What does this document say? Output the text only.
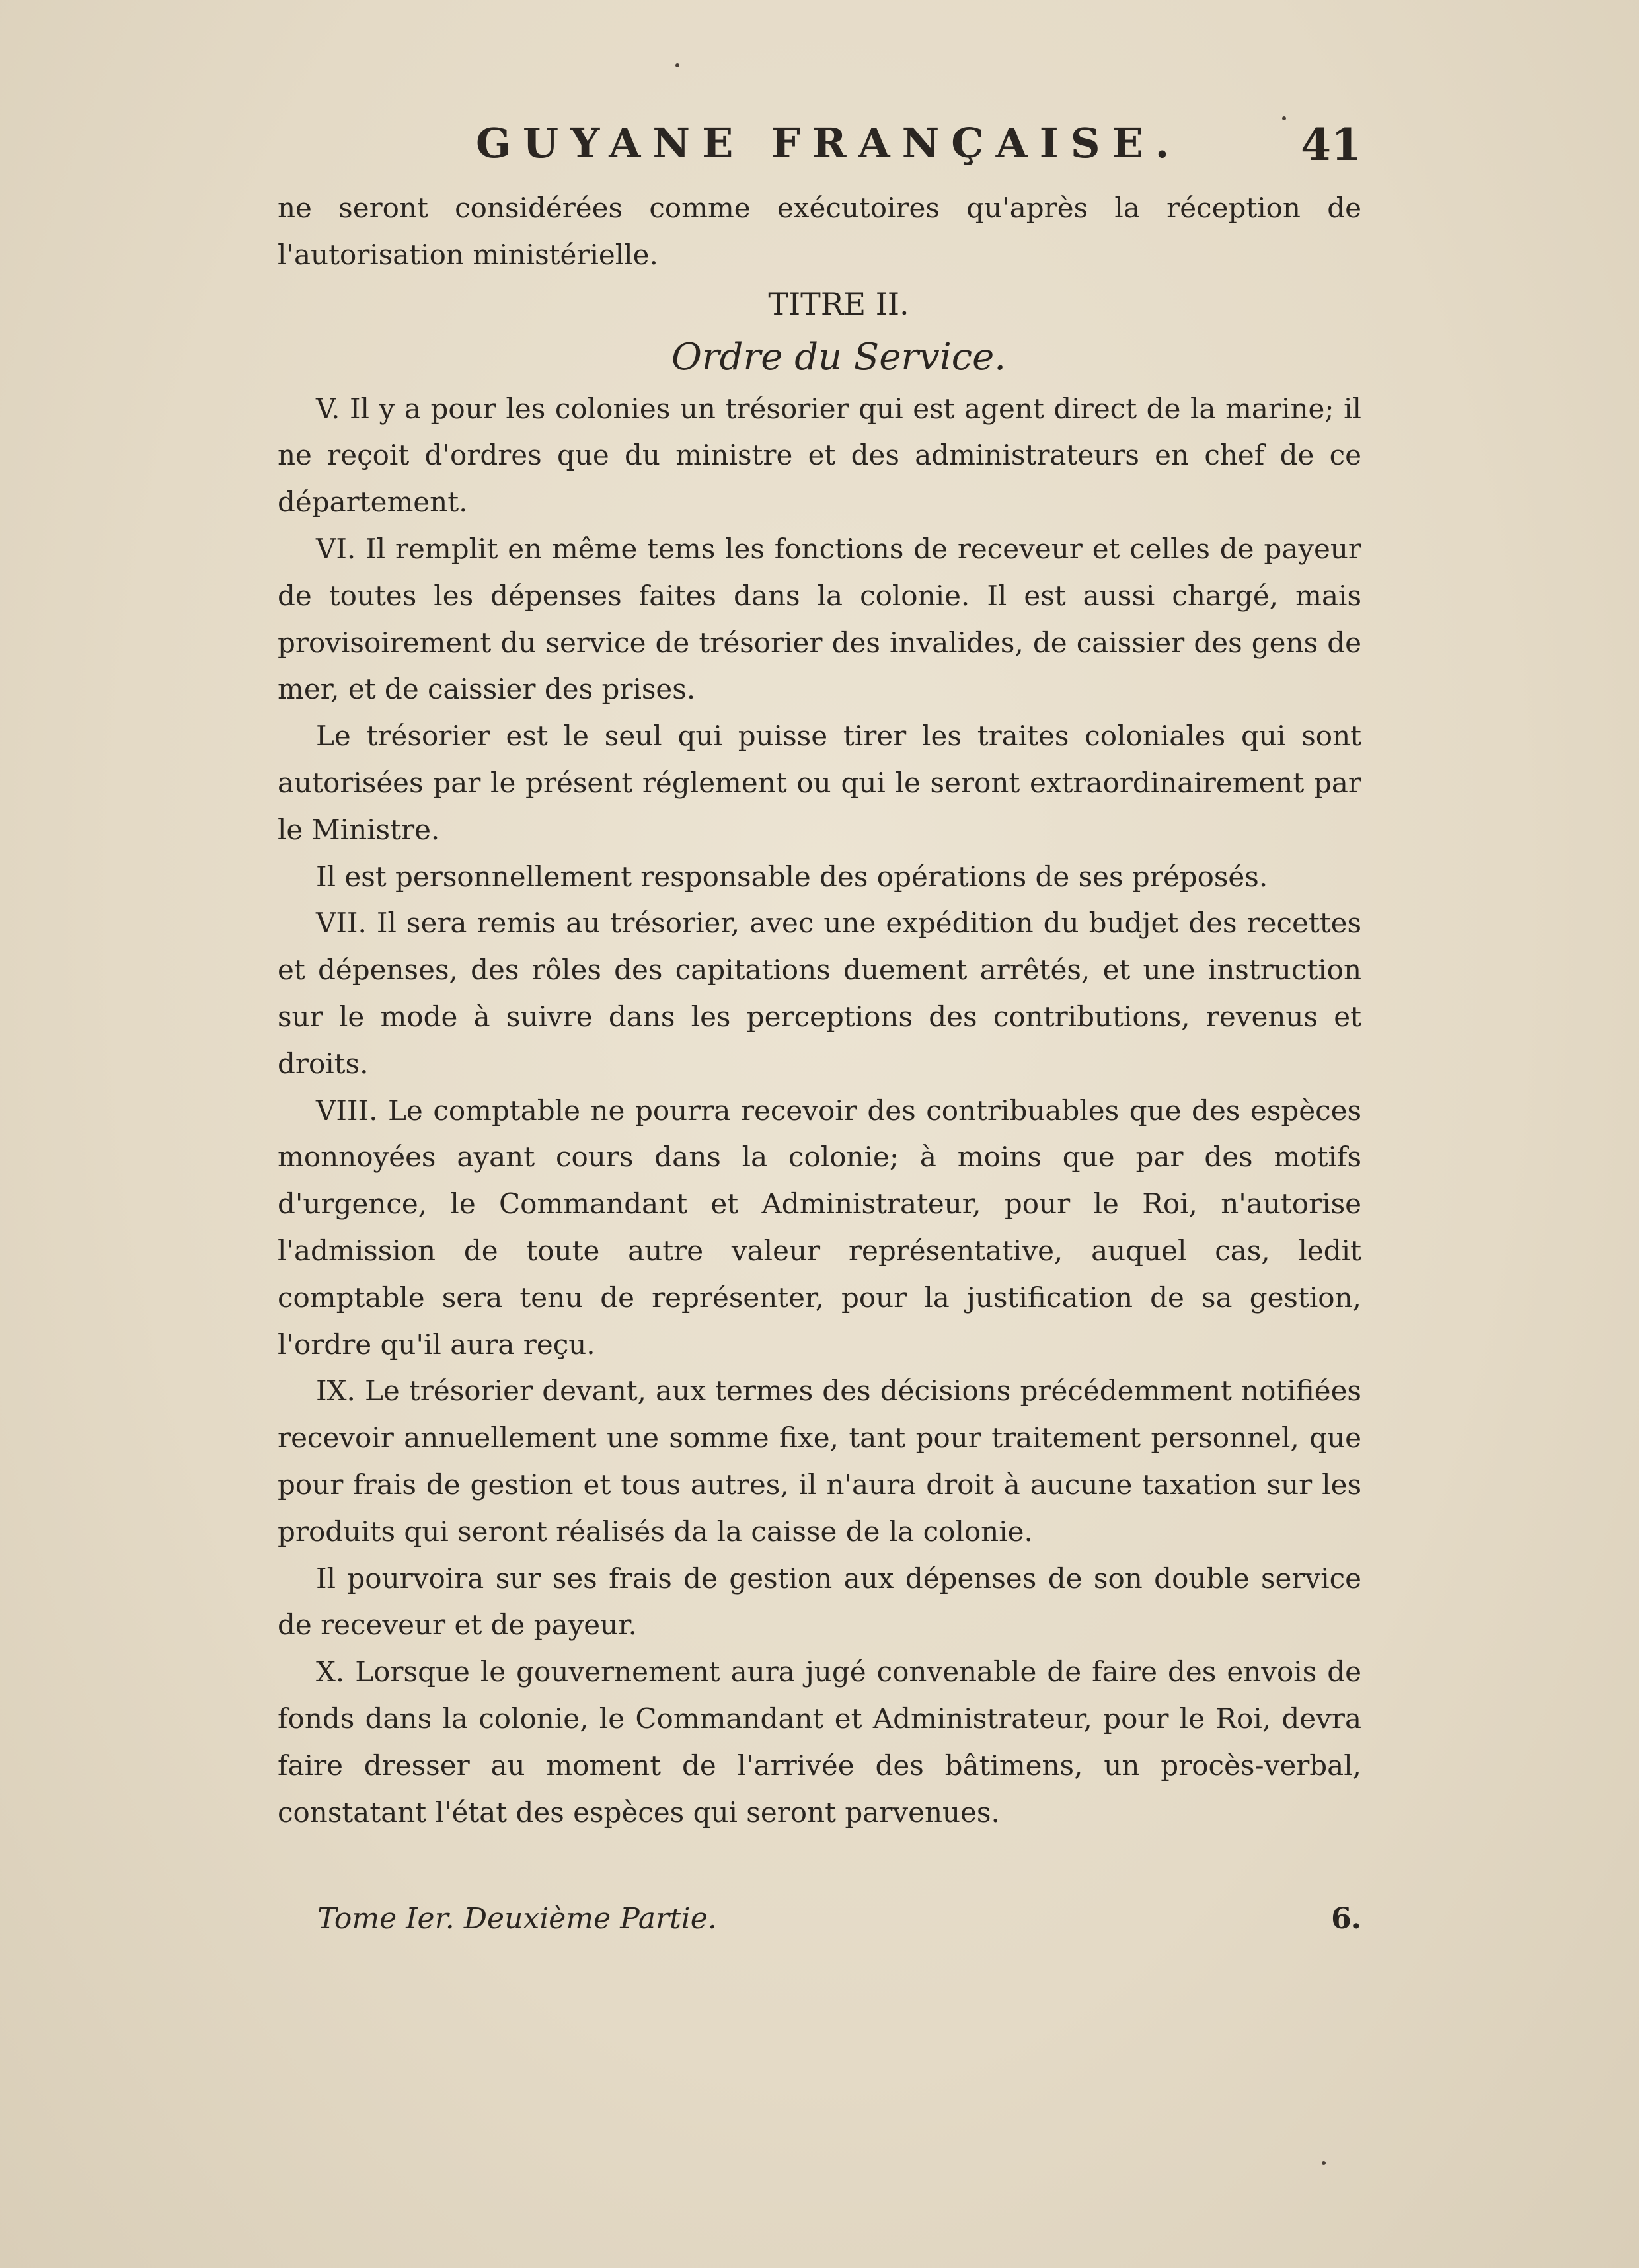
GUYANE FRANÇAISE.	41

ne seront considérées comme exécutoires qu'après la réception de l'autorisation ministérielle.

TITRE II.

Ordre du Service.

V. Il y a pour les colonies un trésorier qui est agent direct de la marine; il ne reçoit d'ordres que du ministre et des administrateurs en chef de ce département.

VI. Il remplit en même tems les fonctions de receveur et celles de payeur de toutes les dépenses faites dans la colonie. Il est aussi chargé, mais provisoirement du service de trésorier des invalides, de caissier des gens de mer, et de caissier des prises.

Le trésorier est le seul qui puisse tirer les traites coloniales qui sont autorisées par le présent réglement ou qui le seront extraordinairement par le Ministre.

Il est personnellement responsable des opérations de ses préposés.

VII. Il sera remis au trésorier, avec une expédition du budjet des recettes et dépenses, des rôles des capitations duement arrêtés, et une instruction sur le mode à suivre dans les perceptions des contributions, revenus et droits.

VIII. Le comptable ne pourra recevoir des contribuables que des espèces monnoyées ayant cours dans la colonie; à moins que par des motifs d'urgence, le Commandant et Administrateur, pour le Roi, n'autorise l'admission de toute autre valeur représentative, auquel cas, ledit comptable sera tenu de représenter, pour la justification de sa gestion, l'ordre qu'il aura reçu.

IX. Le trésorier devant, aux termes des décisions précédemment notifiées recevoir annuellement une somme fixe, tant pour traitement personnel, que pour frais de gestion et tous autres, il n'aura droit à aucune taxation sur les produits qui seront réalisés da la caisse de la colonie.

Il pourvoira sur ses frais de gestion aux dépenses de son double service de receveur et de payeur.

X. Lorsque le gouvernement aura jugé convenable de faire des envois de fonds dans la colonie, le Commandant et Administrateur, pour le Roi, devra faire dresser au moment de l'arrivée des bâtimens, un procès-verbal, constatant l'état des espèces qui seront parvenues.

Tome Ier. Deuxième Partie.	6.
